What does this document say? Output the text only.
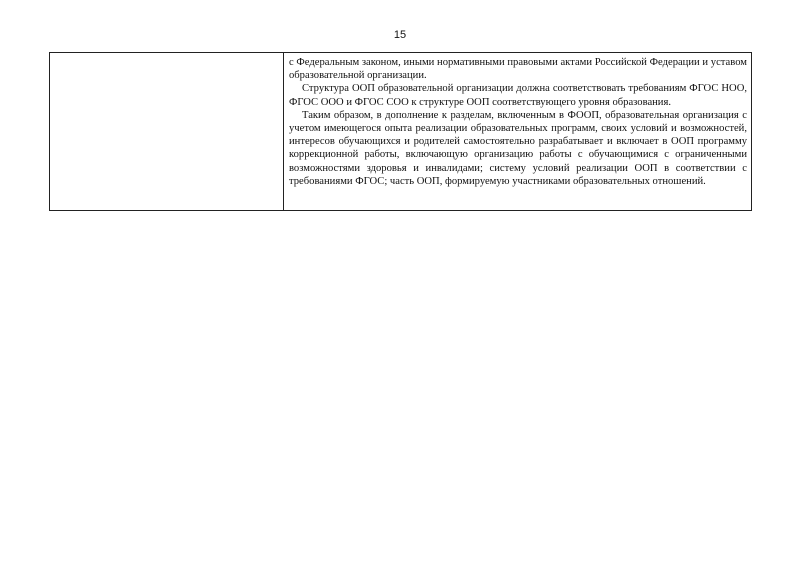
15

с Федеральным законом, иными нормативными правовыми актами Российской Федерации и уставом образовательной организации.

Структура ООП образовательной организации должна соответствовать требованиям ФГОС НОО, ФГОС ООО и ФГОС СОО к структуре ООП соответствующего уровня образования.

Таким образом, в дополнение к разделам, включенным в ФООП, образовательная организация с учетом имеющегося опыта реализации образовательных программ, своих условий и возможностей, интересов обучающихся и родителей самостоятельно разрабатывает и включает в ООП программу коррекционной работы, включающую организацию работы с обучающимися с ограниченными возможностями здоровья и инвалидами; систему условий реализации ООП в соответствии с требованиями ФГОС; часть ООП, формируемую участниками образовательных отношений.
